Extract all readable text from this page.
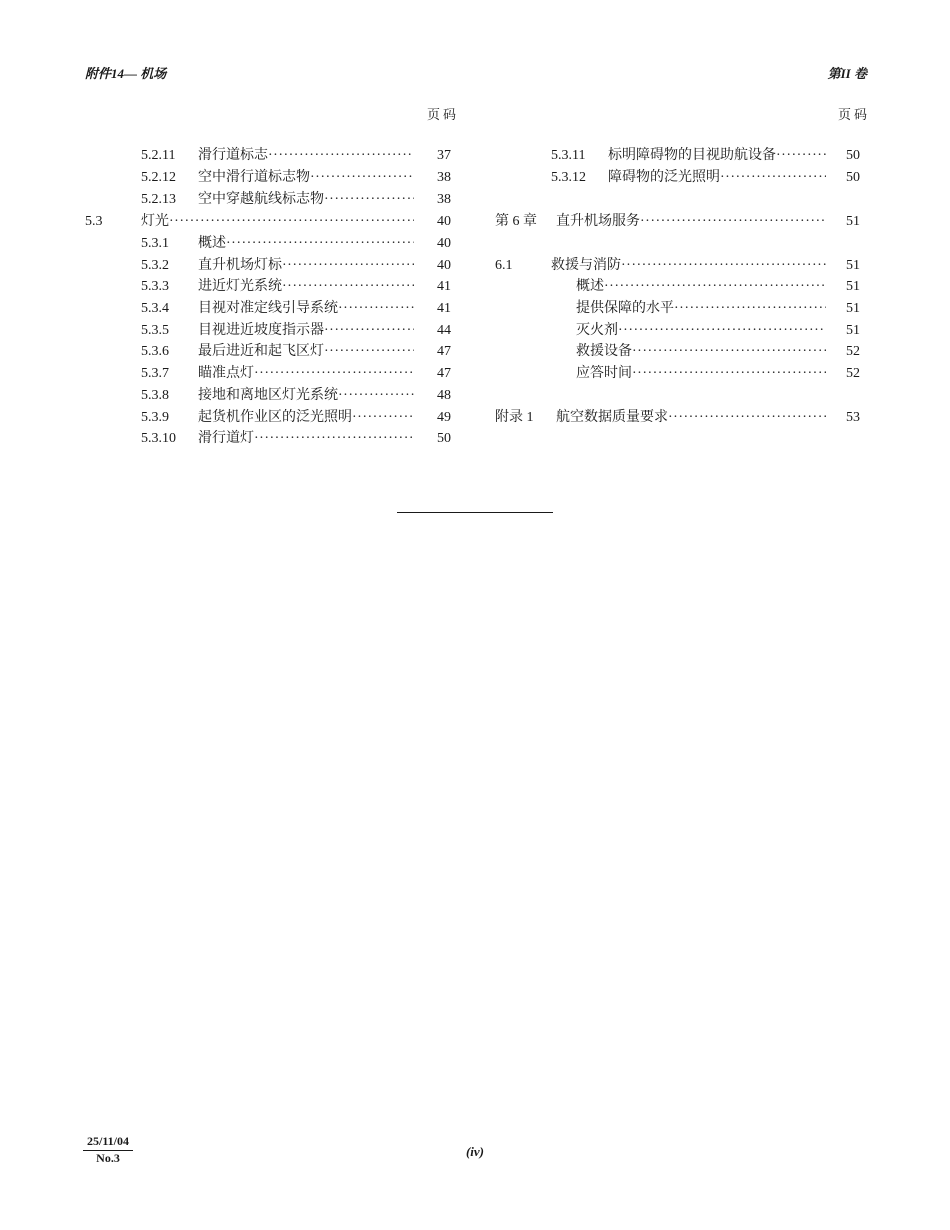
附件14— 机场	第II 卷
页码	页码
5.2.11 滑行道标志 ·····	37
5.2.12 空中滑行道标志物 ·····	38
5.2.13 空中穿越航线标志物 ·····	38
5.3	灯光 ·····	40
5.3.1 概述 ·····	40
5.3.2 直升机场灯标 ·····	40
5.3.3 进近灯光系统 ·····	41
5.3.4 目视对准定线引导系统 ·····	41
5.3.5 目视进近坡度指示器 ·····	44
5.3.6 最后进近和起飞区灯 ·····	47
5.3.7 瞄准点灯 ·····	47
5.3.8 接地和离地区灯光系统 ·····	48
5.3.9 起货机作业区的泛光照明 ·····	49
5.3.10 滑行道灯 ·····	50
5.3.11 标明障碍物的目视助航设备 ·····	50
5.3.12 障碍物的泛光照明 ·····	50
第 6 章 直升机场服务 ·····	51
6.1	救援与消防 ·····	51
概述 ·····	51
提供保障的水平 ·····	51
灭火剂 ·····	51
救援设备 ·····	52
应答时间 ·····	52
附录 1 航空数据质量要求 ·····	53
25/11/04
No.3	(iv)
